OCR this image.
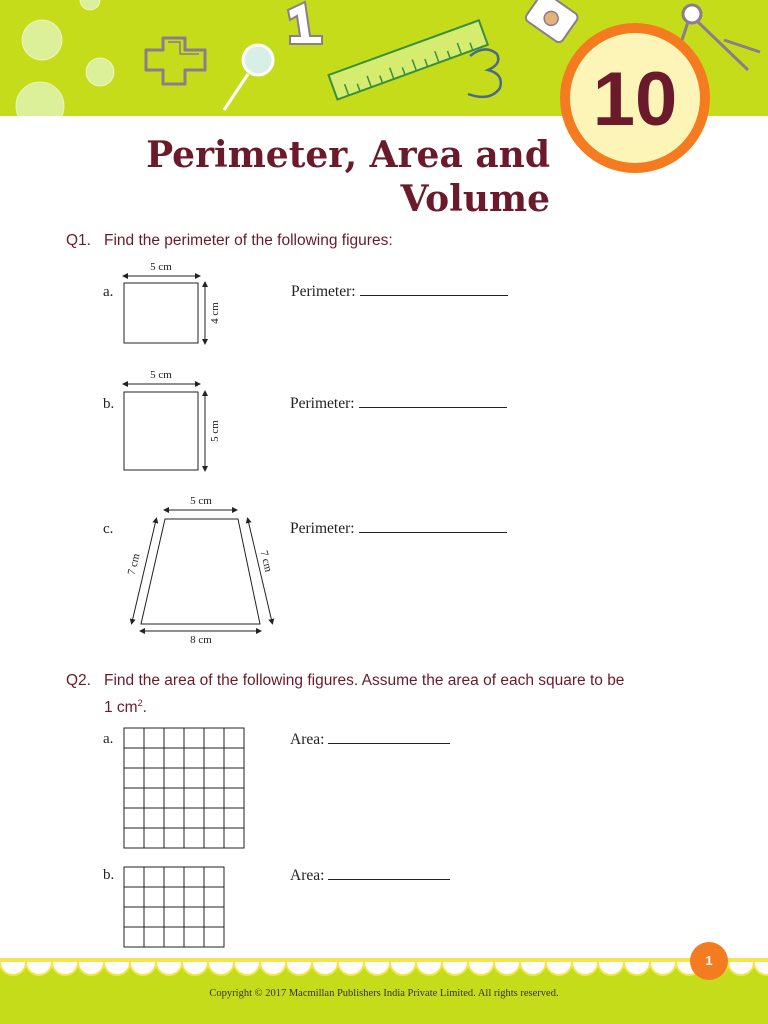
10
Perimeter, Area and
Volume
Q1. Find the perimeter of the following figures:
a.
5 cm
4 cm
Perimeter:
b.
5 cm
5 cm
Perimeter:
c.
5 cm
7 cm	7 cm
8 cm
Perimeter:
Q2. Find the area of the following figures. Assume the area of each square to be
1 $cm^2$.
a.	Area:
b.	Area:
1
Copyright © 2017 Macmillan Publishers India Private Limited. All rights reserved.
